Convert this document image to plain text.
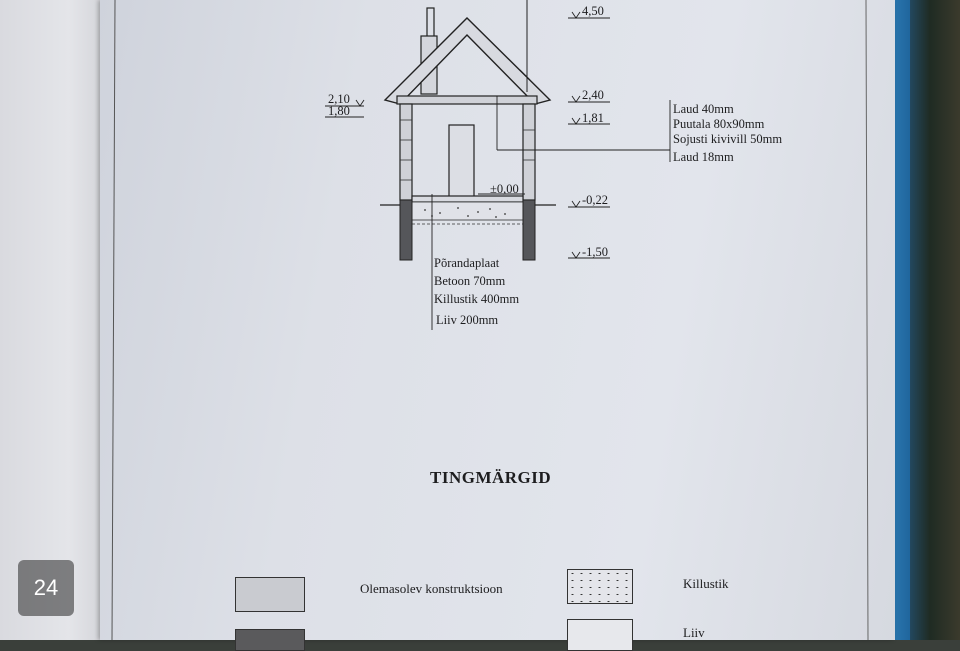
4,50
2,40
1,81
2,10
1,80
±0,00
-0,22
-1,50
Laud 40mm
Puutala 80x90mm
Sojusti kivivill 50mm
Laud 18mm
Põrandaplaat
Betoon 70mm
Killustik 400mm
Liiv 200mm
TINGMÄRGID
Olemasolev konstruktsioon	Killustik
Liiv
24
